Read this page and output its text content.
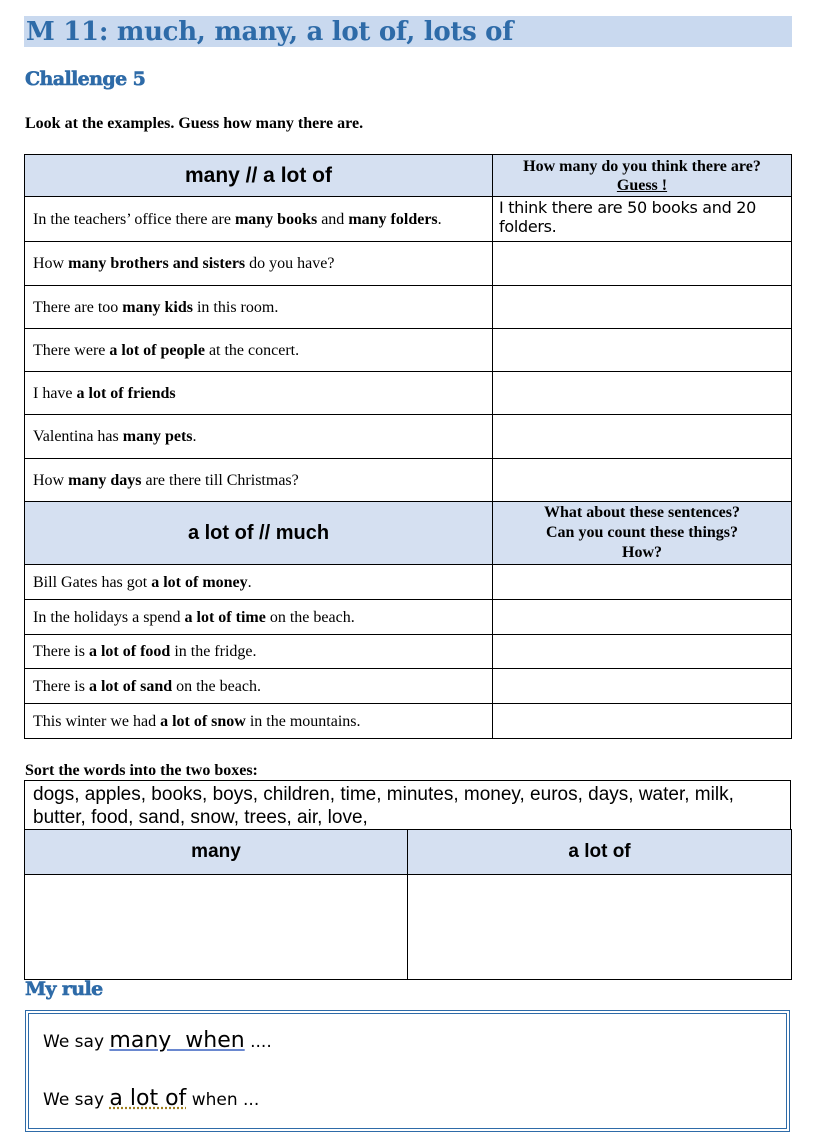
M 11: much, many, a lot of, lots of
Challenge 5
Look at the examples. Guess how many there are.
many // a lot of	How many do you think there are?
Guess !

In the teachers’ office there are many books and many folders.	I think there are 50 books and 20 folders.
How many brothers and sisters do you have?	
There are too many kids in this room.	
There were a lot of people at the concert.	
I have a lot of friends	
Valentina has many pets.	
How many days are there till Christmas?	
a lot of // much	What about these sentences?
Can you count these things?
How?

Bill Gates has got a lot of money.	
In the holidays a spend a lot of time on the beach.	
There is a lot of food in the fridge.	
There is a lot of sand on the beach.	
This winter we had a lot of snow in the mountains.	
Sort the words into the two boxes:
dogs, apples, books, boys, children, time, minutes, money, euros, days, water, milk,
butter, food, sand, snow, trees, air, love,
many	a lot of

My rule
We say many  when ....
We say a lot of when ...
